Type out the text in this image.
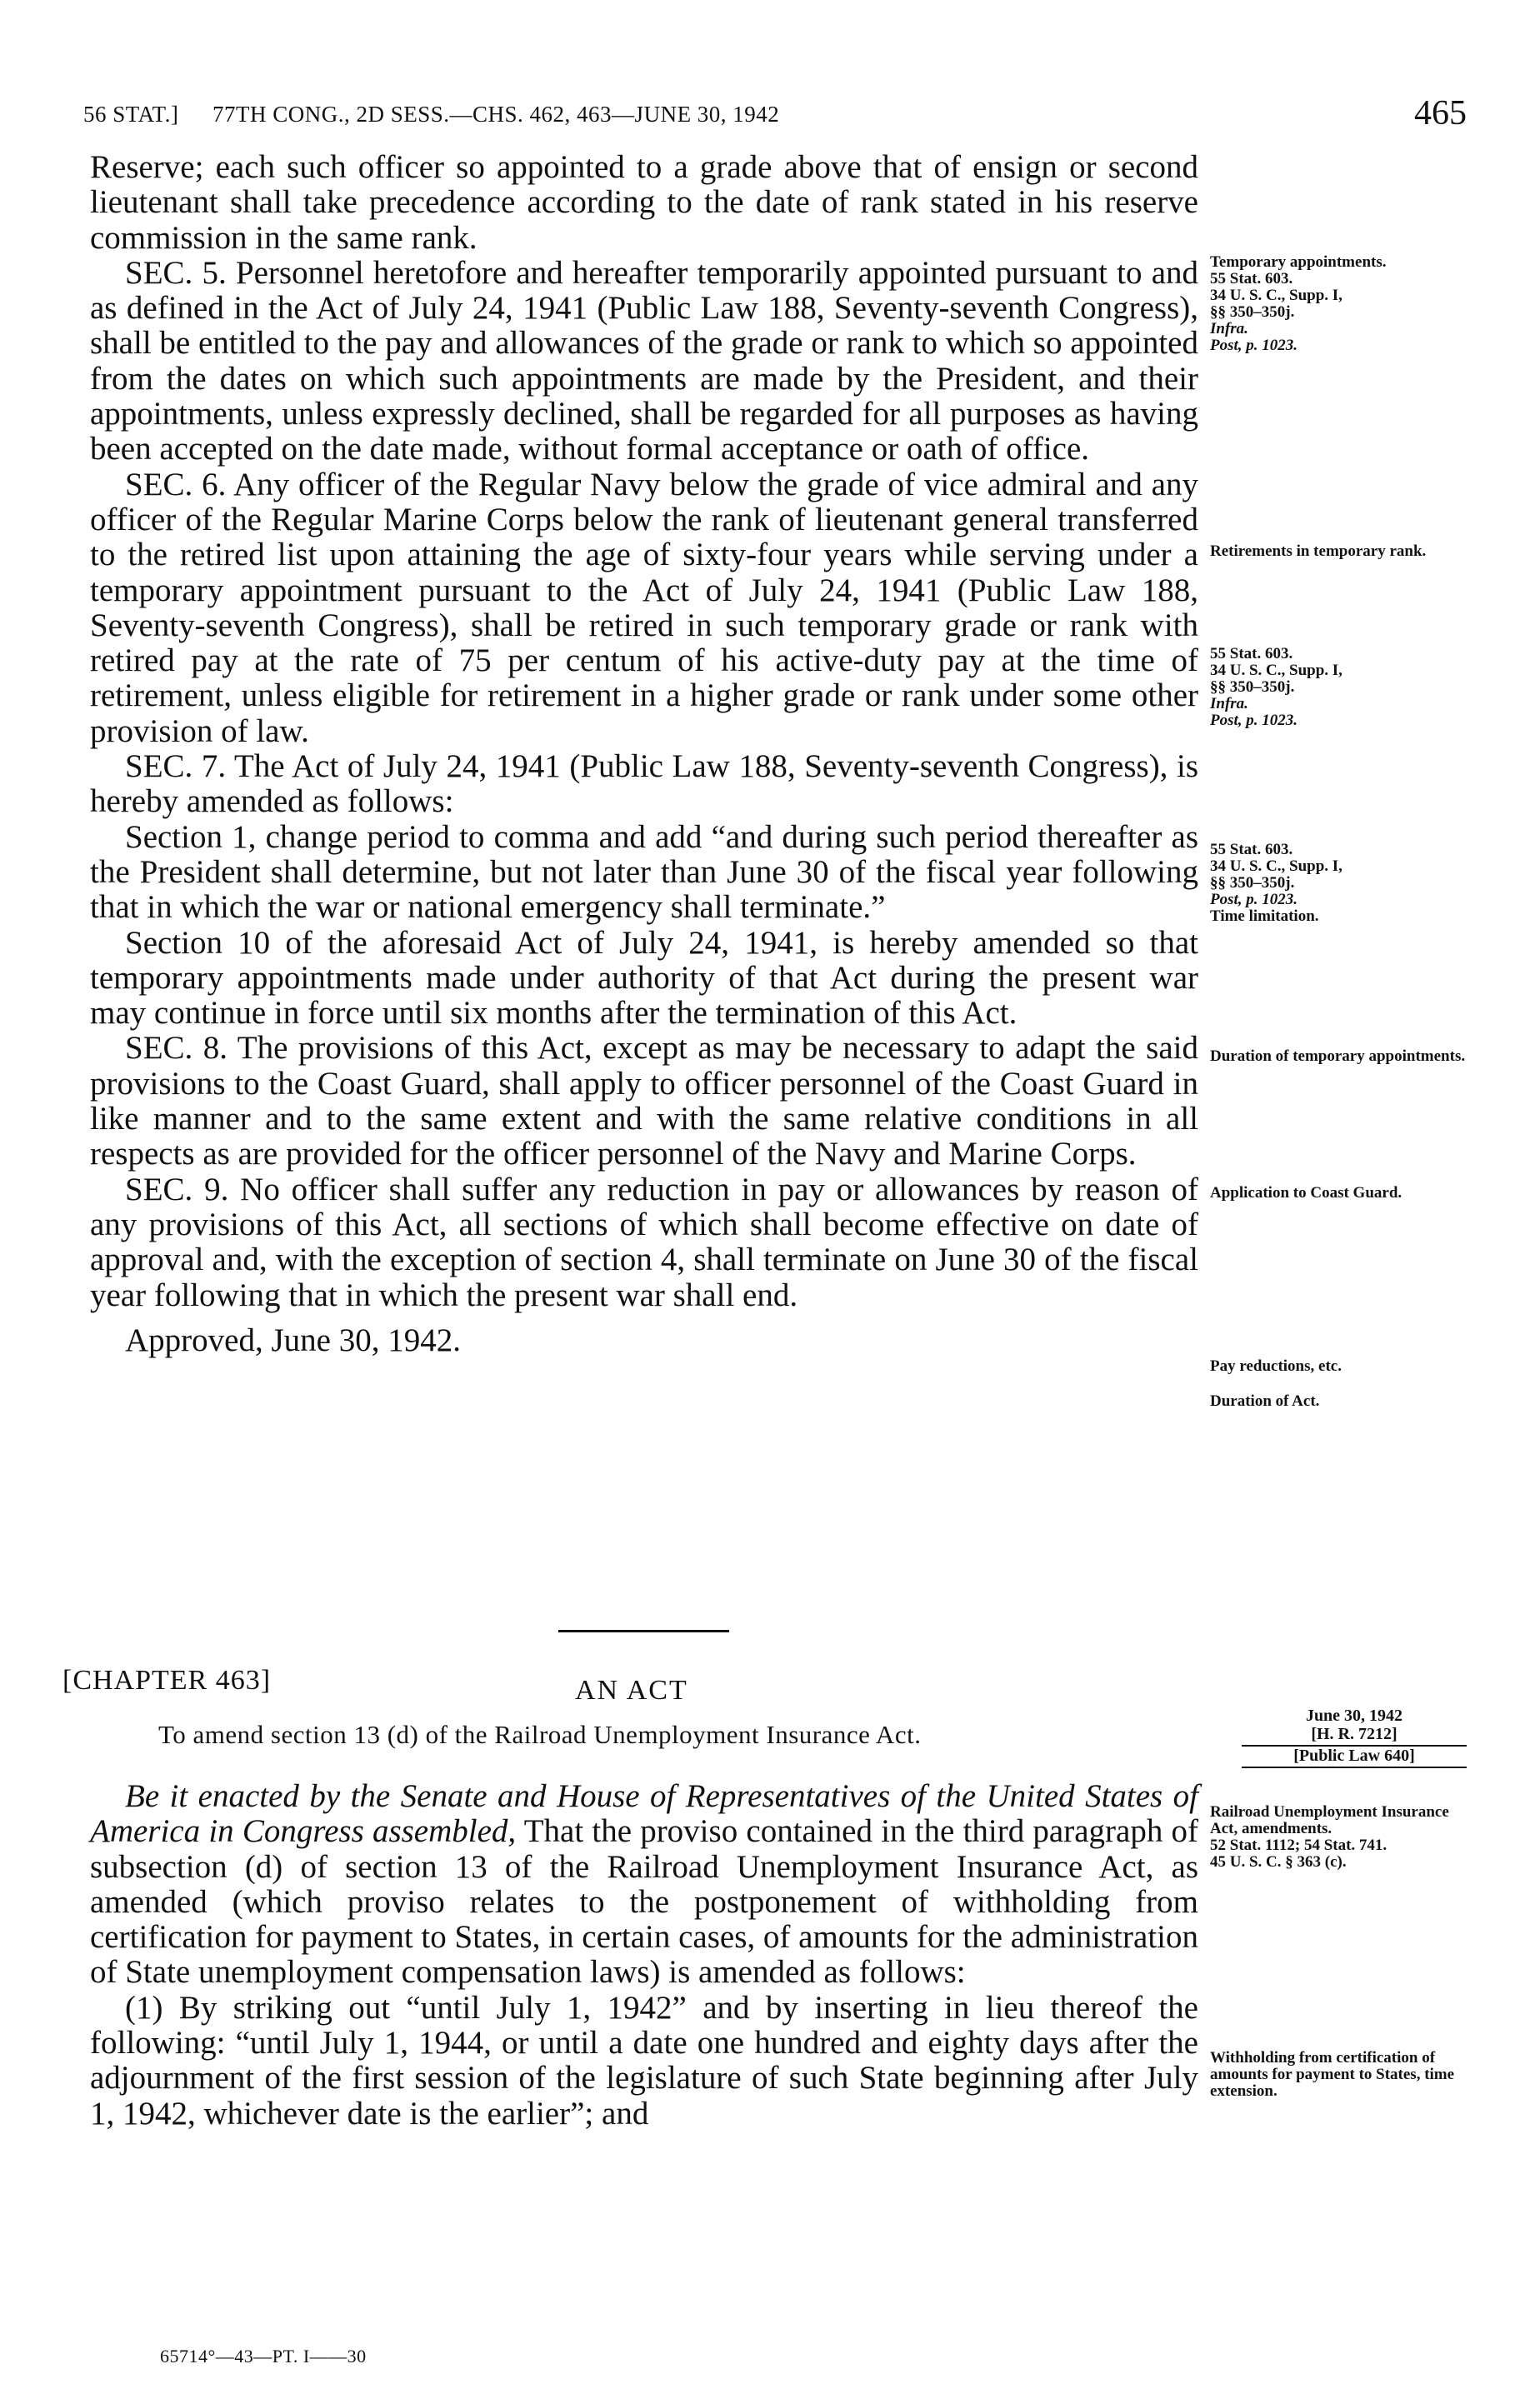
56 STAT.] 77TH CONG., 2D SESS.—CHS. 462, 463—JUNE 30, 1942	465

Reserve; each such officer so appointed to a grade above that of ensign or second lieutenant shall take precedence according to the date of rank stated in his reserve commission in the same rank.

SEC. 5. Personnel heretofore and hereafter temporarily appointed pursuant to and as defined in the Act of July 24, 1941 (Public Law 188, Seventy-seventh Congress), shall be entitled to the pay and allowances of the grade or rank to which so appointed from the dates on which such appointments are made by the President, and their appointments, unless expressly declined, shall be regarded for all purposes as having been accepted on the date made, without formal acceptance or oath of office.

SEC. 6. Any officer of the Regular Navy below the grade of vice admiral and any officer of the Regular Marine Corps below the rank of lieutenant general transferred to the retired list upon attaining the age of sixty-four years while serving under a temporary appointment pursuant to the Act of July 24, 1941 (Public Law 188, Seventy-seventh Congress), shall be retired in such temporary grade or rank with retired pay at the rate of 75 per centum of his active-duty pay at the time of retirement, unless eligible for retirement in a higher grade or rank under some other provision of law.

SEC. 7. The Act of July 24, 1941 (Public Law 188, Seventy-seventh Congress), is hereby amended as follows:

Section 1, change period to comma and add “and during such period thereafter as the President shall determine, but not later than June 30 of the fiscal year following that in which the war or national emergency shall terminate.”

Section 10 of the aforesaid Act of July 24, 1941, is hereby amended so that temporary appointments made under authority of that Act during the present war may continue in force until six months after the termination of this Act.

SEC. 8. The provisions of this Act, except as may be necessary to adapt the said provisions to the Coast Guard, shall apply to officer personnel of the Coast Guard in like manner and to the same extent and with the same relative conditions in all respects as are provided for the officer personnel of the Navy and Marine Corps.

SEC. 9. No officer shall suffer any reduction in pay or allowances by reason of any provisions of this Act, all sections of which shall become effective on date of approval and, with the exception of section 4, shall terminate on June 30 of the fiscal year following that in which the present war shall end.

Approved, June 30, 1942.

Temporary appointments.
55 Stat. 603.
34 U. S. C., Supp. I,
§§ 350–350j.
Infra.
Post, p. 1023.
Retirements in temporary rank.
55 Stat. 603.
34 U. S. C., Supp. I,
§§ 350–350j.
Infra.
Post, p. 1023.
55 Stat. 603.
34 U. S. C., Supp. I,
§§ 350–350j.
Post, p. 1023.
Time limitation.
Duration of temporary appointments.
Application to Coast Guard.
Pay reductions, etc.
Duration of Act.
[CHAPTER 463]	AN ACT
To amend section 13 (d) of the Railroad Unemployment Insurance Act.
June 30, 1942
[H. R. 7212]
[Public Law 640]

Be it enacted by the Senate and House of Representatives of the United States of America in Congress assembled, That the proviso contained in the third paragraph of subsection (d) of section 13 of the Railroad Unemployment Insurance Act, as amended (which proviso relates to the postponement of withholding from certification for payment to States, in certain cases, of amounts for the administration of State unemployment compensation laws) is amended as follows:

(1) By striking out “until July 1, 1942” and by inserting in lieu thereof the following: “until July 1, 1944, or until a date one hundred and eighty days after the adjournment of the first session of the legislature of such State beginning after July 1, 1942, whichever date is the earlier”; and

Railroad Unemployment Insurance Act, amendments.
52 Stat. 1112; 54 Stat. 741.
45 U. S. C. § 363 (c).
Withholding from certification of amounts for payment to States, time extension.
65714°—43—PT. I——30
